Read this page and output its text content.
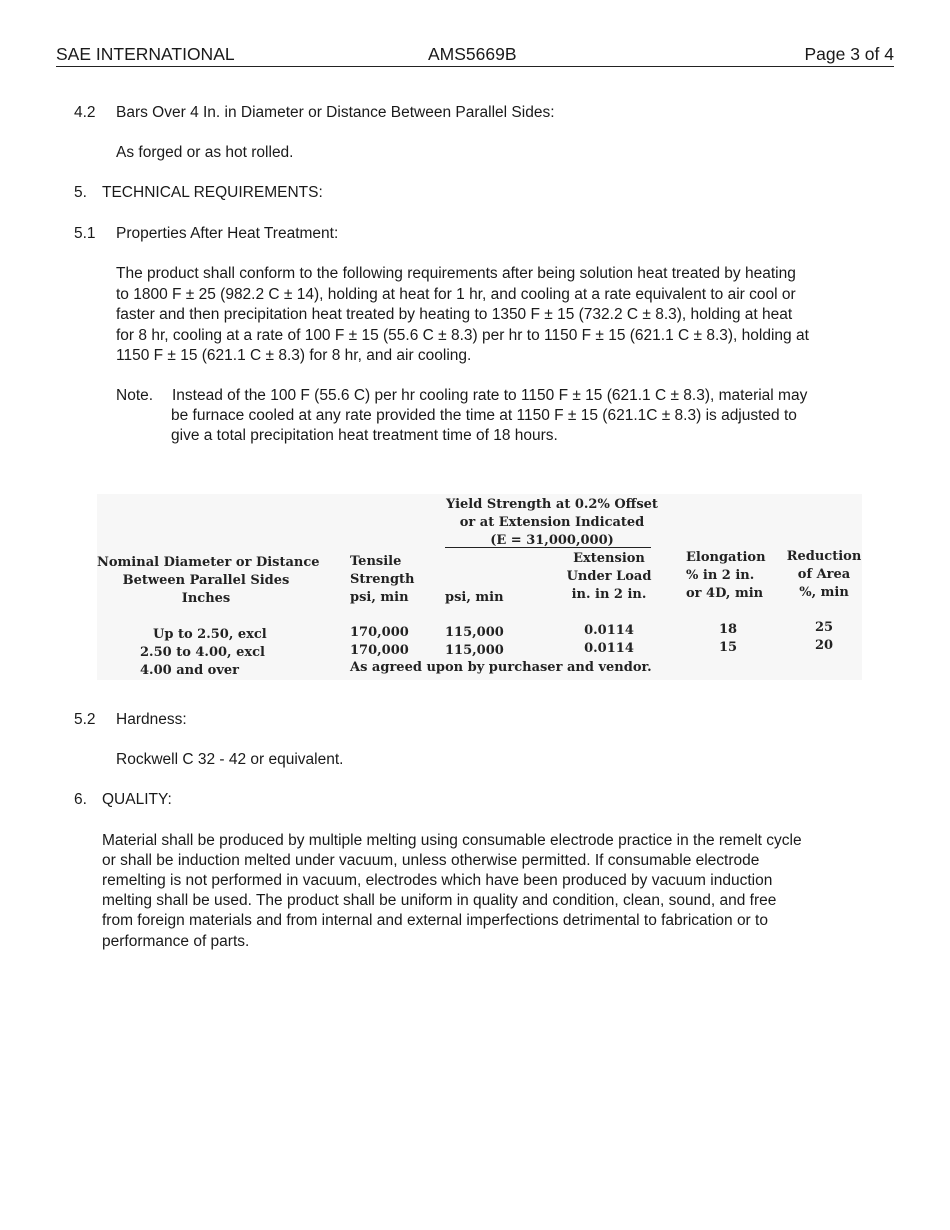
SAE INTERNATIONAL	AMS5669B	Page 3 of 4
4.2 Bars Over 4 In. in Diameter or Distance Between Parallel Sides:
As forged or as hot rolled.
5. TECHNICAL REQUIREMENTS:
5.1 Properties After Heat Treatment:
The product shall conform to the following requirements after being solution heat treated by heating
to 1800 F ± 25 (982.2 C ± 14), holding at heat for 1 hr, and cooling at a rate equivalent to air cool or
faster and then precipitation heat treated by heating to 1350 F ± 15 (732.2 C ± 8.3), holding at heat
for 8 hr, cooling at a rate of 100 F ± 15 (55.6 C ± 8.3) per hr to 1150 F ± 15 (621.1 C ± 8.3), holding at
1150 F ± 15 (621.1 C ± 8.3) for 8 hr, and air cooling.
Note. Instead of the 100 F (55.6 C) per hr cooling rate to 1150 F ± 15 (621.1 C ± 8.3), material may
be furnace cooled at any rate provided the time at 1150 F ± 15 (621.1C ± 8.3) is adjusted to
give a total precipitation heat treatment time of 18 hours.
Yield Strength at 0.2% Offset
or at Extension Indicated
(E = 31,000,000)
Nominal Diameter or Distance
Between Parallel Sides
Inches
Tensile
Strength
psi, min	psi, min
Extension
Under Load
in. in 2 in.
Elongation
% in 2 in.
or 4D, min
Reduction
of Area
%, min
Up to 2.50, excl	170,000	115,000	0.0114	18	25
2.50 to 4.00, excl	170,000	115,000	0.0114	15	20
4.00 and over	As agreed upon by purchaser and vendor.
5.2 Hardness:
Rockwell C 32 - 42 or equivalent.
6. QUALITY:
Material shall be produced by multiple melting using consumable electrode practice in the remelt cycle
or shall be induction melted under vacuum, unless otherwise permitted. If consumable electrode
remelting is not performed in vacuum, electrodes which have been produced by vacuum induction
melting shall be used. The product shall be uniform in quality and condition, clean, sound, and free
from foreign materials and from internal and external imperfections detrimental to fabrication or to
performance of parts.
